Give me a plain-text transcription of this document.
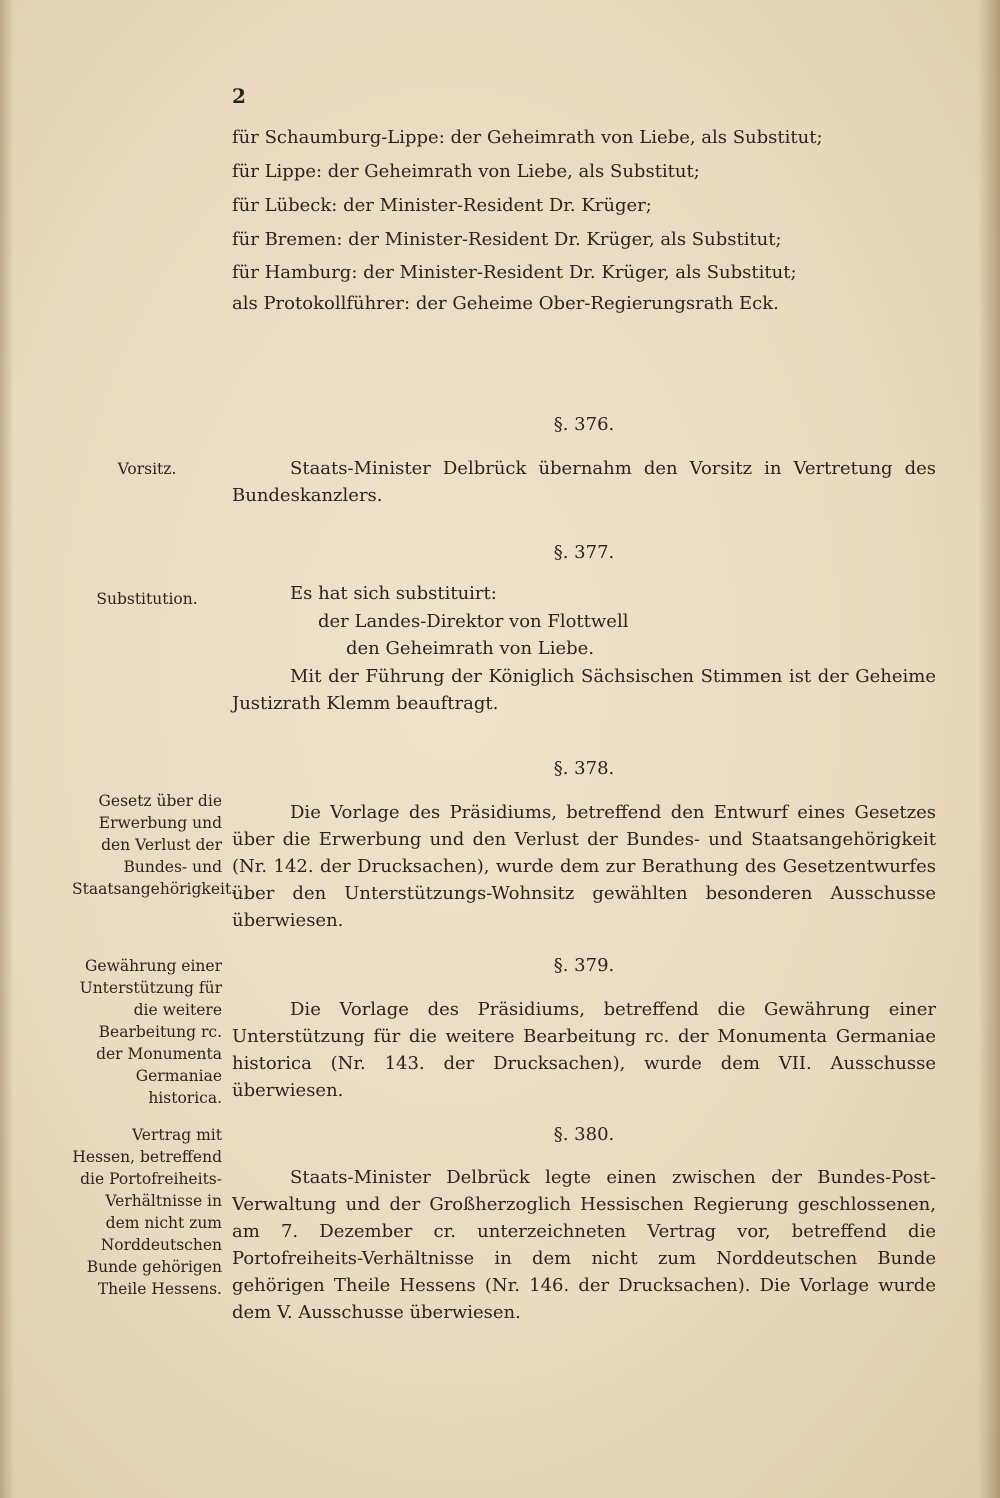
2
für Schaumburg-Lippe: der Geheimrath von Liebe, als Substitut;
für Lippe: der Geheimrath von Liebe, als Substitut;
für Lübeck: der Minister-Resident Dr. Krüger;
für Bremen: der Minister-Resident Dr. Krüger, als Substitut;
für Hamburg: der Minister-Resident Dr. Krüger, als Substitut;
als Protokollführer: der Geheime Ober-Regierungsrath Eck.
§. 376.
Vorsitz.	Staats-Minister Delbrück übernahm den Vorsitz in Vertretung des Bundeskanzlers.
§. 377.
Substitution.	Es hat sich substituirt:
der Landes-Direktor von Flottwell
den Geheimrath von Liebe.
Mit der Führung der Königlich Sächsischen Stimmen ist der Geheime Justizrath Klemm beauftragt.
§. 378.
Gesetz über die Erwerbung und den Verlust der Bundes- und Staatsangehörigkeit.
Die Vorlage des Präsidiums, betreffend den Entwurf eines Gesetzes über die Erwerbung und den Verlust der Bundes- und Staatsangehörigkeit (Nr. 142. der Drucksachen), wurde dem zur Berathung des Gesetzentwurfes über den Unterstützungs-Wohnsitz gewählten besonderen Ausschusse überwiesen.
§. 379.
Gewährung einer Unterstützung für die weitere Bearbeitung rc. der Monumenta Germaniae historica.
Die Vorlage des Präsidiums, betreffend die Gewährung einer Unterstützung für die weitere Bearbeitung rc. der Monumenta Germaniae historica (Nr. 143. der Drucksachen), wurde dem VII. Ausschusse überwiesen.
§. 380.
Vertrag mit Hessen, betreffend die Portofreiheits-Verhältnisse in dem nicht zum Norddeutschen Bunde gehörigen Theile Hessens.
Staats-Minister Delbrück legte einen zwischen der Bundes-Post-Verwaltung und der Großherzoglich Hessischen Regierung geschlossenen, am 7. Dezember cr. unterzeichneten Vertrag vor, betreffend die Portofreiheits-Verhältnisse in dem nicht zum Norddeutschen Bunde gehörigen Theile Hessens (Nr. 146. der Drucksachen). Die Vorlage wurde dem V. Ausschusse überwiesen.
